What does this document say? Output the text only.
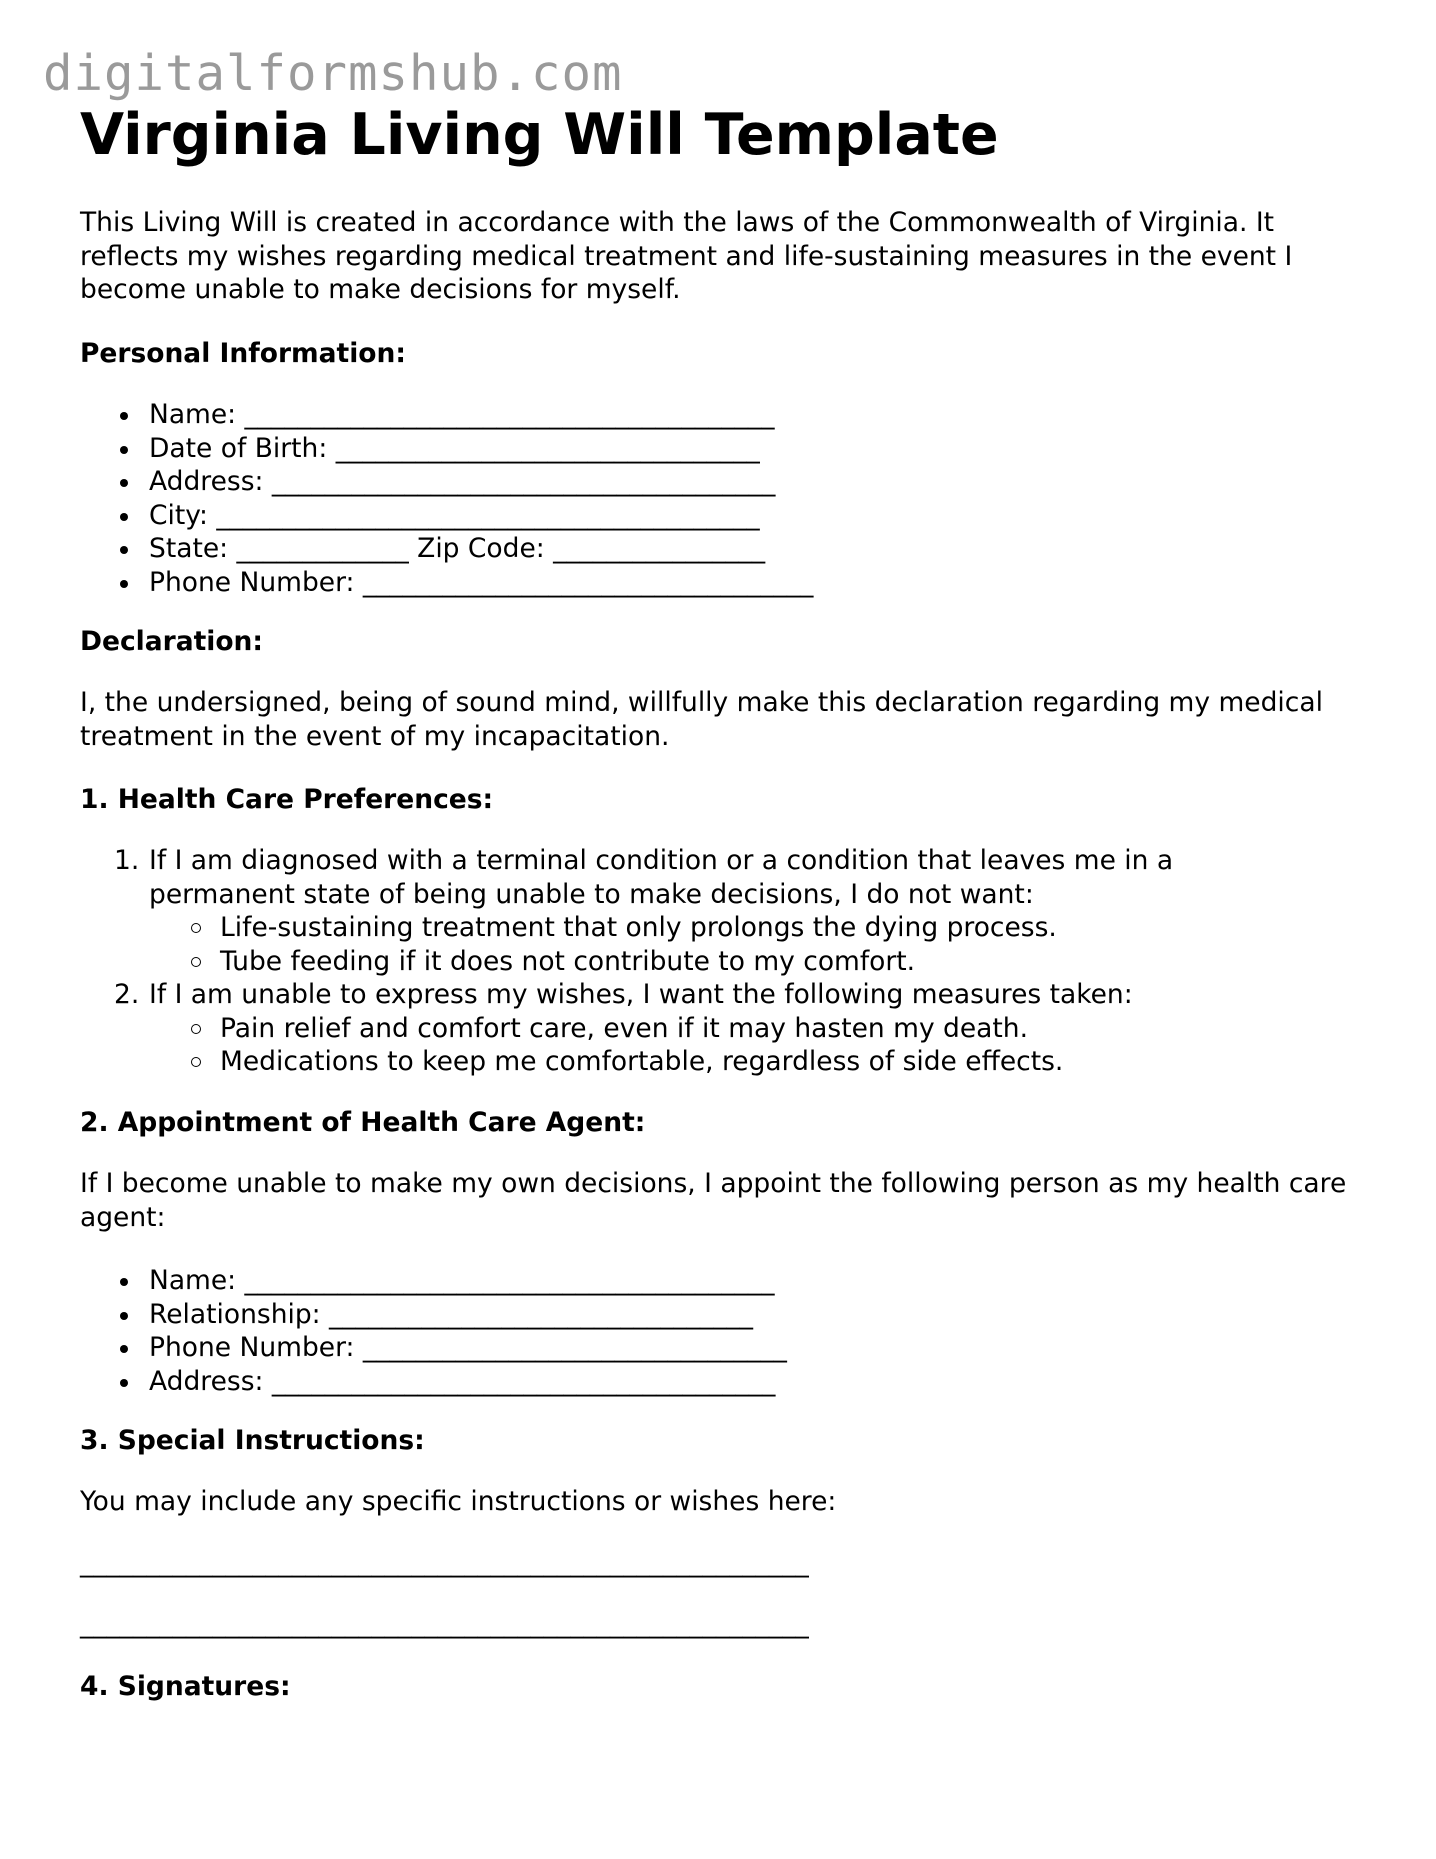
digitalformshub.com
Virginia Living Will Template

This Living Will is created in accordance with the laws of the Commonwealth of Virginia. It reflects my wishes regarding medical treatment and life-sustaining measures in the event I become unable to make decisions for myself.

Personal Information:
Name: ________________________________________
Date of Birth: ________________________________
Address: ______________________________________
City: _________________________________________
State: _____________ Zip Code: ________________
Phone Number: __________________________________
Declaration:

I, the undersigned, being of sound mind, willfully make this declaration regarding my medical treatment in the event of my incapacitation.

1. Health Care Preferences:
1. If I am diagnosed with a terminal condition or a condition that leaves me in a
permanent state of being unable to make decisions, I do not want:
Life-sustaining treatment that only prolongs the dying process.
Tube feeding if it does not contribute to my comfort.
2. If I am unable to express my wishes, I want the following measures taken:
Pain relief and comfort care, even if it may hasten my death.
Medications to keep me comfortable, regardless of side effects.
2. Appointment of Health Care Agent:

If I become unable to make my own decisions, I appoint the following person as my health care agent:

Name: ________________________________________
Relationship: ________________________________
Phone Number: ________________________________
Address: ______________________________________
3. Special Instructions:

You may include any specific instructions or wishes here:

_______________________________________________________
_______________________________________________________
4. Signatures:
